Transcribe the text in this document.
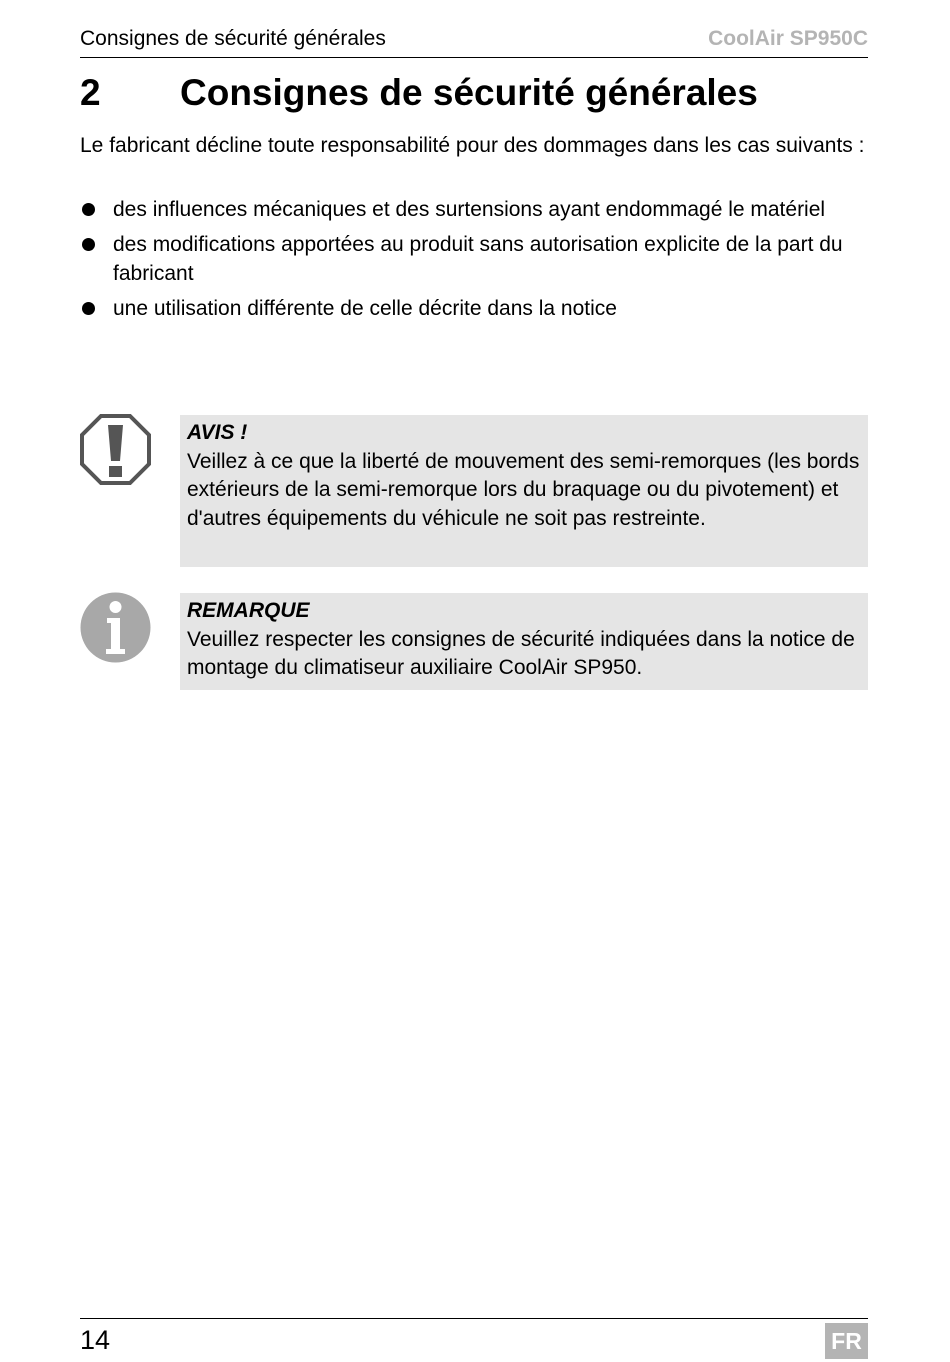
Consignes de sécurité générales	CoolAir SP950C
2 Consignes de sécurité générales
Le fabricant décline toute responsabilité pour des dommages dans les cas suivants :
des influences mécaniques et des surtensions ayant endommagé le matériel
des modifications apportées au produit sans autorisation explicite de la part du fabricant
une utilisation différente de celle décrite dans la notice
AVIS !
Veillez à ce que la liberté de mouvement des semi-remorques (les bords extérieurs de la semi-remorque lors du braquage ou du pivotement) et d'autres équipements du véhicule ne soit pas restreinte.
REMARQUE
Veuillez respecter les consignes de sécurité indiquées dans la notice de montage du climatiseur auxiliaire CoolAir SP950.
14	FR
